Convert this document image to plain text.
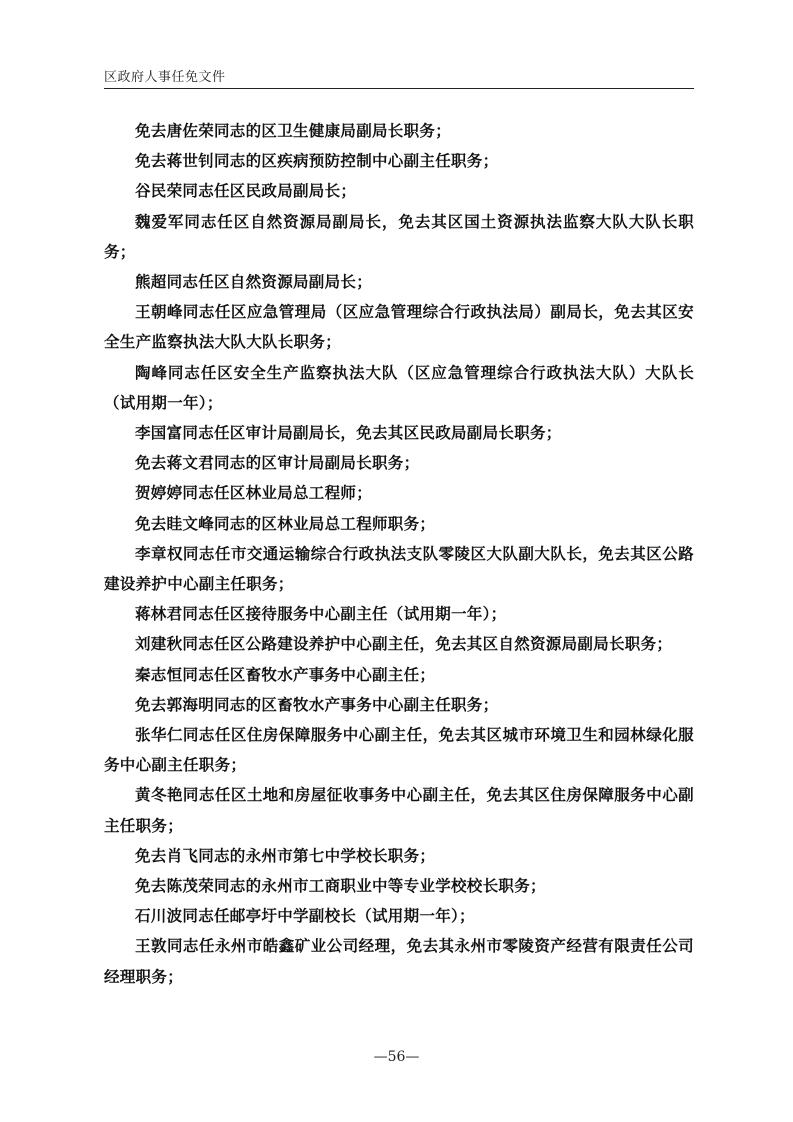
区政府人事任免文件

免去唐佐荣同志的区卫生健康局副局长职务；

免去蒋世钊同志的区疾病预防控制中心副主任职务；

谷民荣同志任区民政局副局长；

魏爱军同志任区自然资源局副局长，免去其区国土资源执法监察大队大队长职务；

熊超同志任区自然资源局副局长；

王朝峰同志任区应急管理局（区应急管理综合行政执法局）副局长，免去其区安全生产监察执法大队大队长职务；

陶峰同志任区安全生产监察执法大队（区应急管理综合行政执法大队）大队长（试用期一年）；

李国富同志任区审计局副局长，免去其区民政局副局长职务；

免去蒋文君同志的区审计局副局长职务；

贺婷婷同志任区林业局总工程师；

免去眭文峰同志的区林业局总工程师职务；

李章权同志任市交通运输综合行政执法支队零陵区大队副大队长，免去其区公路建设养护中心副主任职务；

蒋林君同志任区接待服务中心副主任（试用期一年）；

刘建秋同志任区公路建设养护中心副主任，免去其区自然资源局副局长职务；

秦志恒同志任区畜牧水产事务中心副主任；

免去郭海明同志的区畜牧水产事务中心副主任职务；

张华仁同志任区住房保障服务中心副主任，免去其区城市环境卫生和园林绿化服务中心副主任职务；

黄冬艳同志任区土地和房屋征收事务中心副主任，免去其区住房保障服务中心副主任职务；

免去肖飞同志的永州市第七中学校长职务；

免去陈茂荣同志的永州市工商职业中等专业学校校长职务；

石川波同志任邮亭圩中学副校长（试用期一年）；

王敦同志任永州市皓鑫矿业公司经理，免去其永州市零陵资产经营有限责任公司经理职务；

—56—
